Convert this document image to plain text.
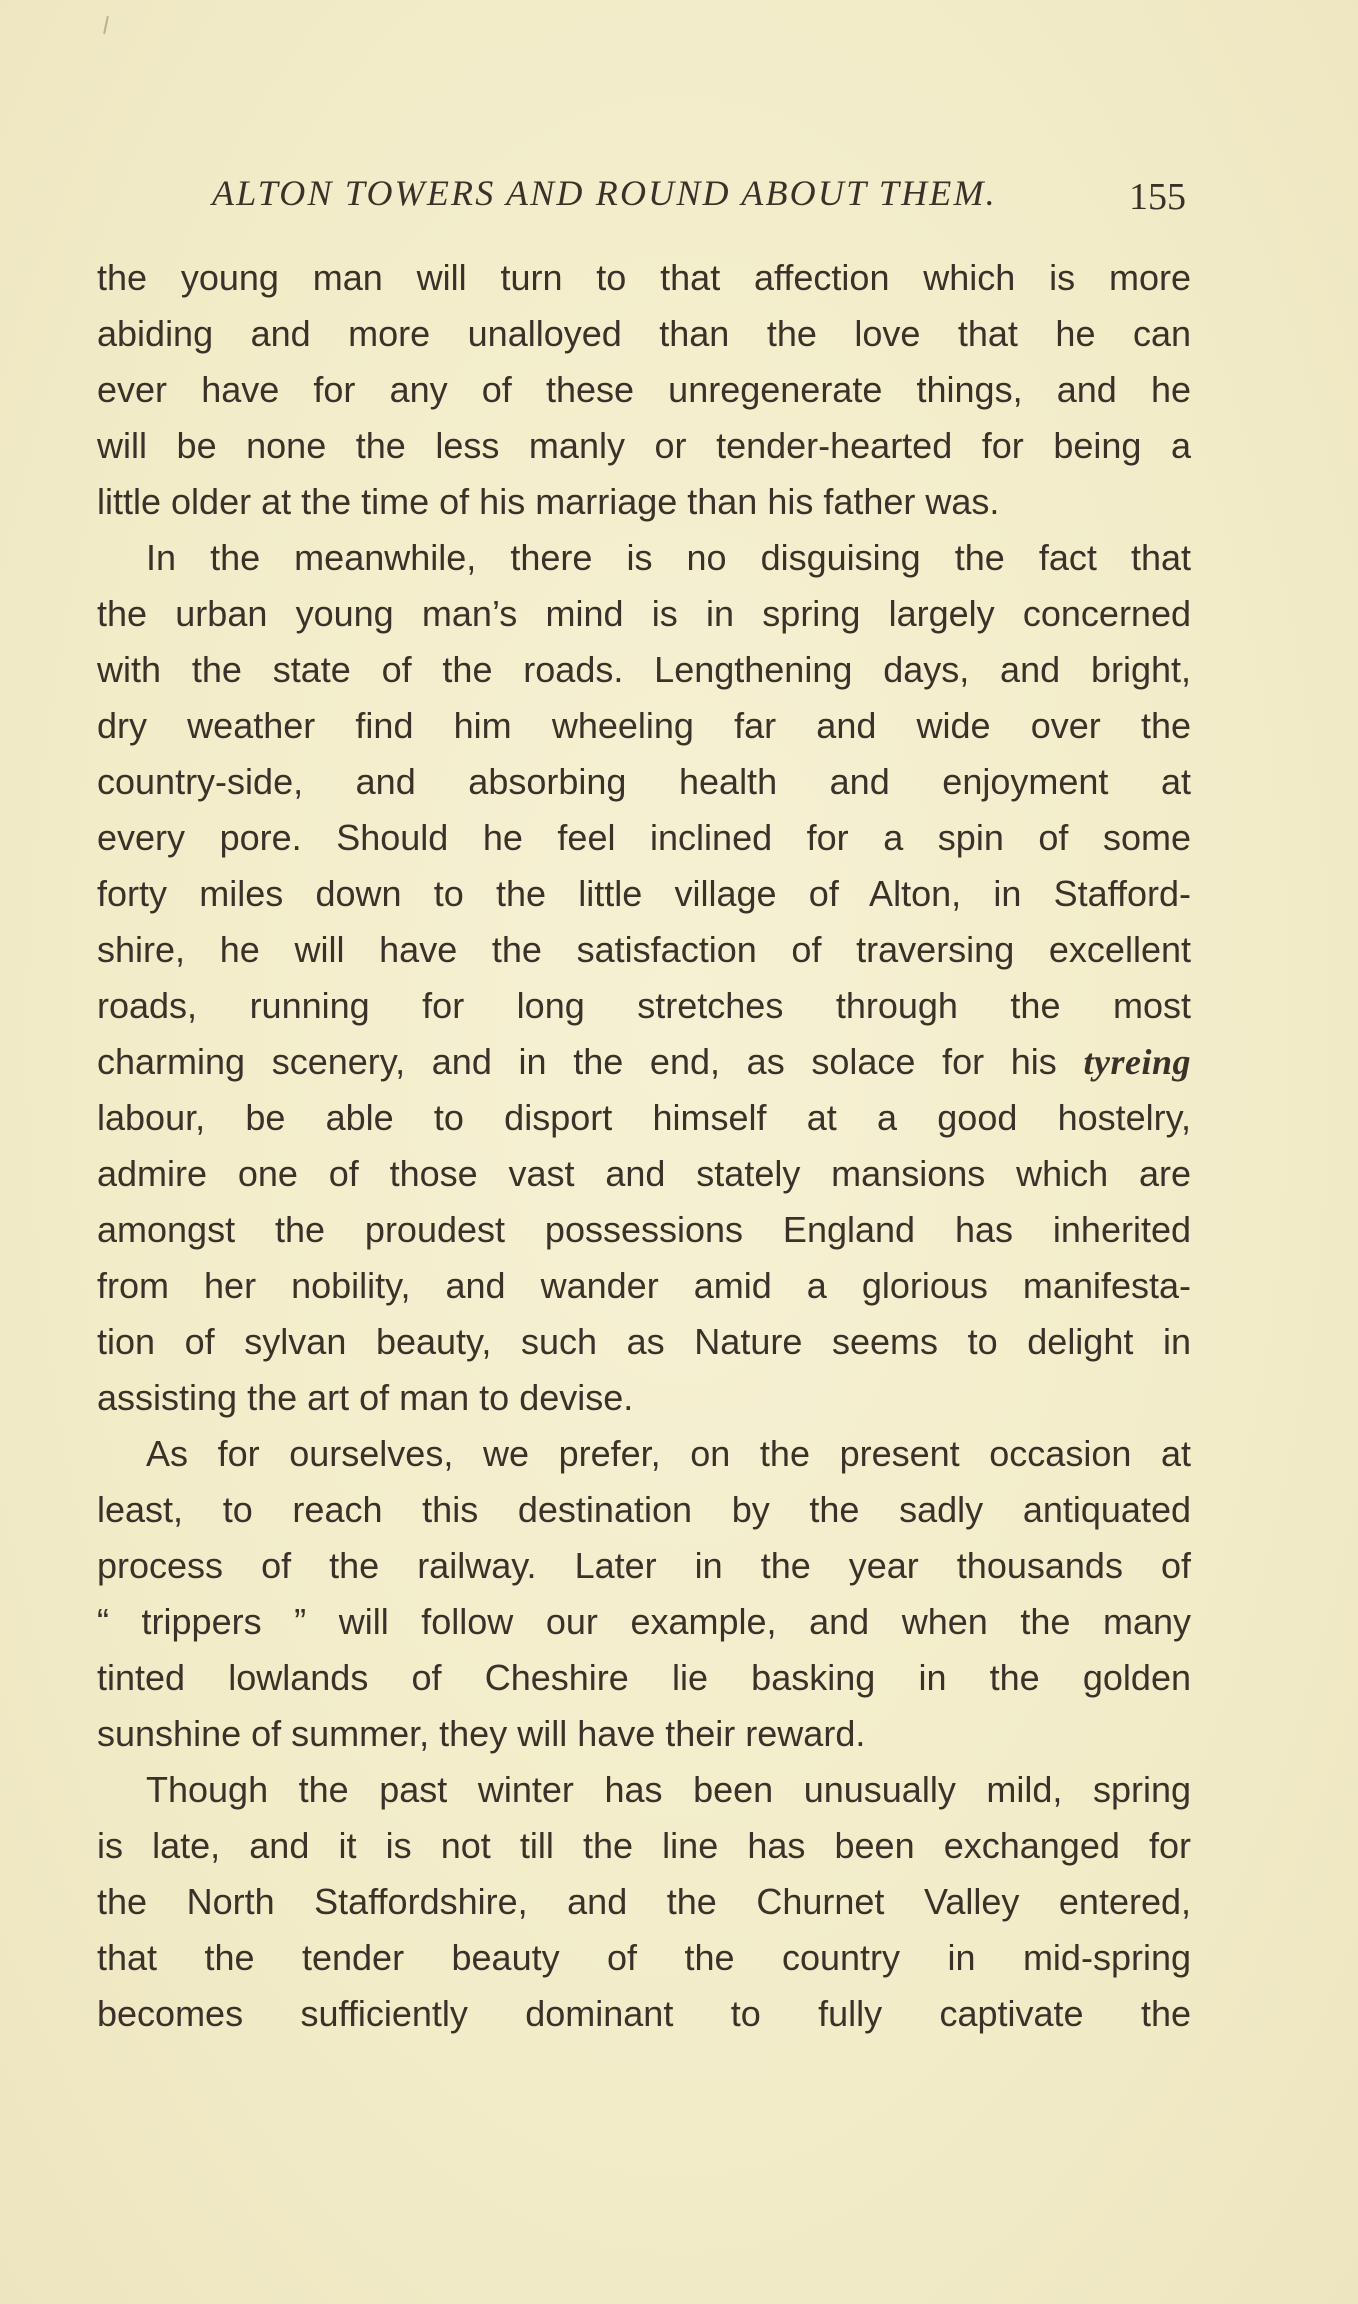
ALTON TOWERS AND ROUND ABOUT THEM.	155
the young man will turn to that affection which is more
abiding and more unalloyed than the love that he can
ever have for any of these unregenerate things, and he
will be none the less manly or tender-hearted for being a
little older at the time of his marriage than his father was.
In the meanwhile, there is no disguising the fact that
the urban young man’s mind is in spring largely concerned
with the state of the roads. Lengthening days, and bright,
dry weather find him wheeling far and wide over the
country-side, and absorbing health and enjoyment at
every pore. Should he feel inclined for a spin of some
forty miles down to the little village of Alton, in Stafford-
shire, he will have the satisfaction of traversing excellent
roads, running for long stretches through the most
charming scenery, and in the end, as solace for his tyreing
labour, be able to disport himself at a good hostelry,
admire one of those vast and stately mansions which are
amongst the proudest possessions England has inherited
from her nobility, and wander amid a glorious manifesta-
tion of sylvan beauty, such as Nature seems to delight in
assisting the art of man to devise.
As for ourselves, we prefer, on the present occasion at
least, to reach this destination by the sadly antiquated
process of the railway. Later in the year thousands of
“ trippers ” will follow our example, and when the many
tinted lowlands of Cheshire lie basking in the golden
sunshine of summer, they will have their reward.
Though the past winter has been unusually mild, spring
is late, and it is not till the line has been exchanged for
the North Staffordshire, and the Churnet Valley entered,
that the tender beauty of the country in mid-spring
becomes sufficiently dominant to fully captivate the
